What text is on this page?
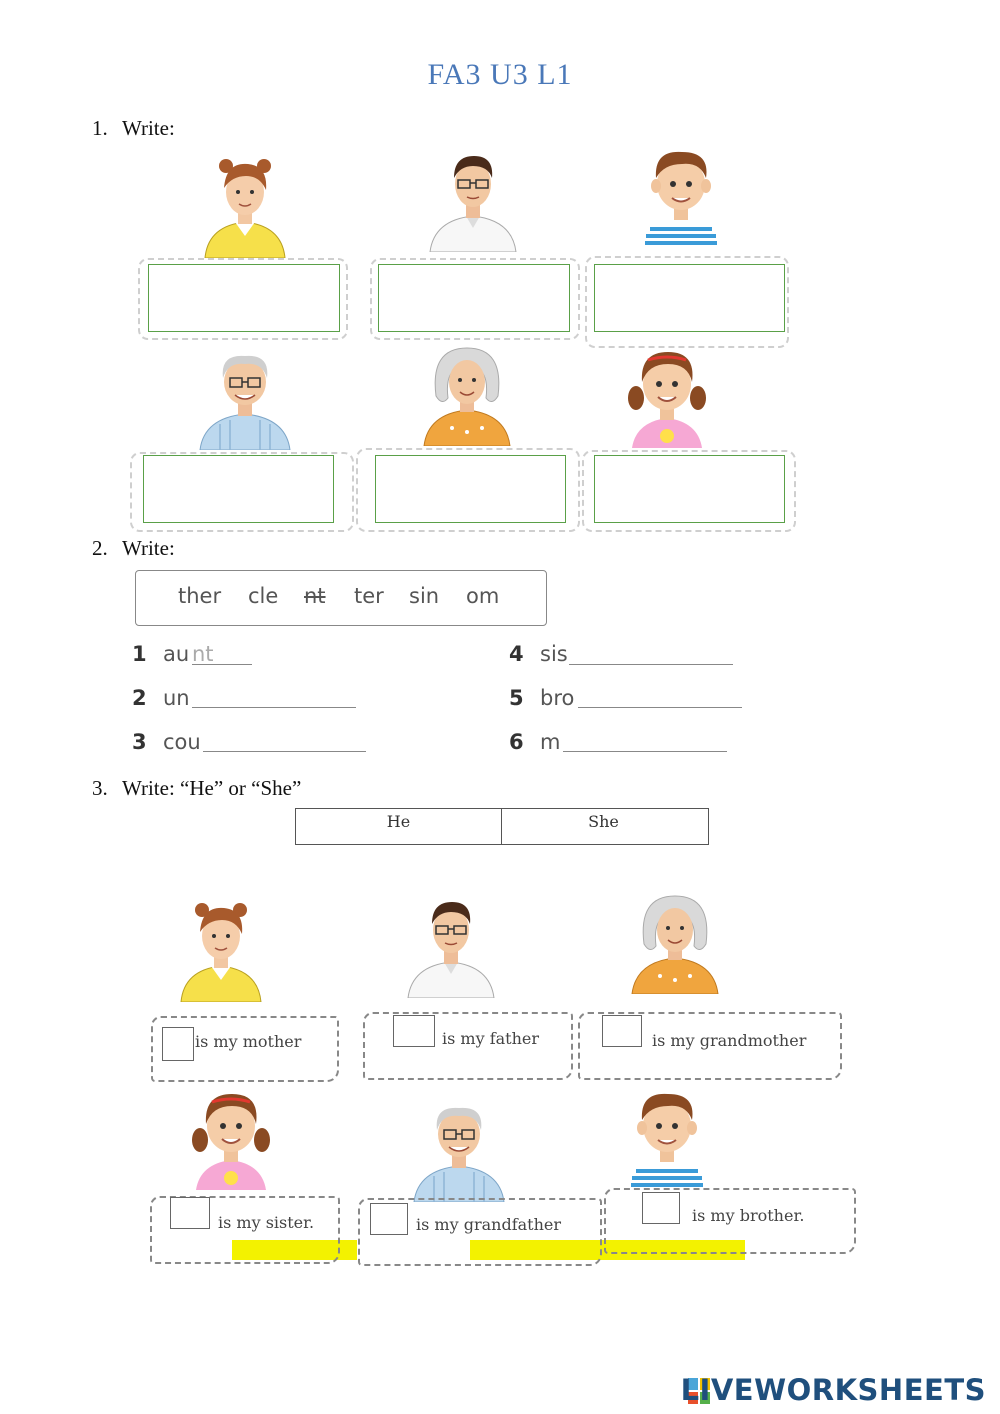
FA3 U3 L1
1. Write:
2. Write:
ther cle nt ter sin om
1 au nt
2 un
3 cou
4 sis
5 bro
6 m
3. Write: “He” or “She”
He	She
is my mother	is my father	is my grandmother
is my sister.	is my grandfather	is my brother.
LIVEWORKSHEETS
